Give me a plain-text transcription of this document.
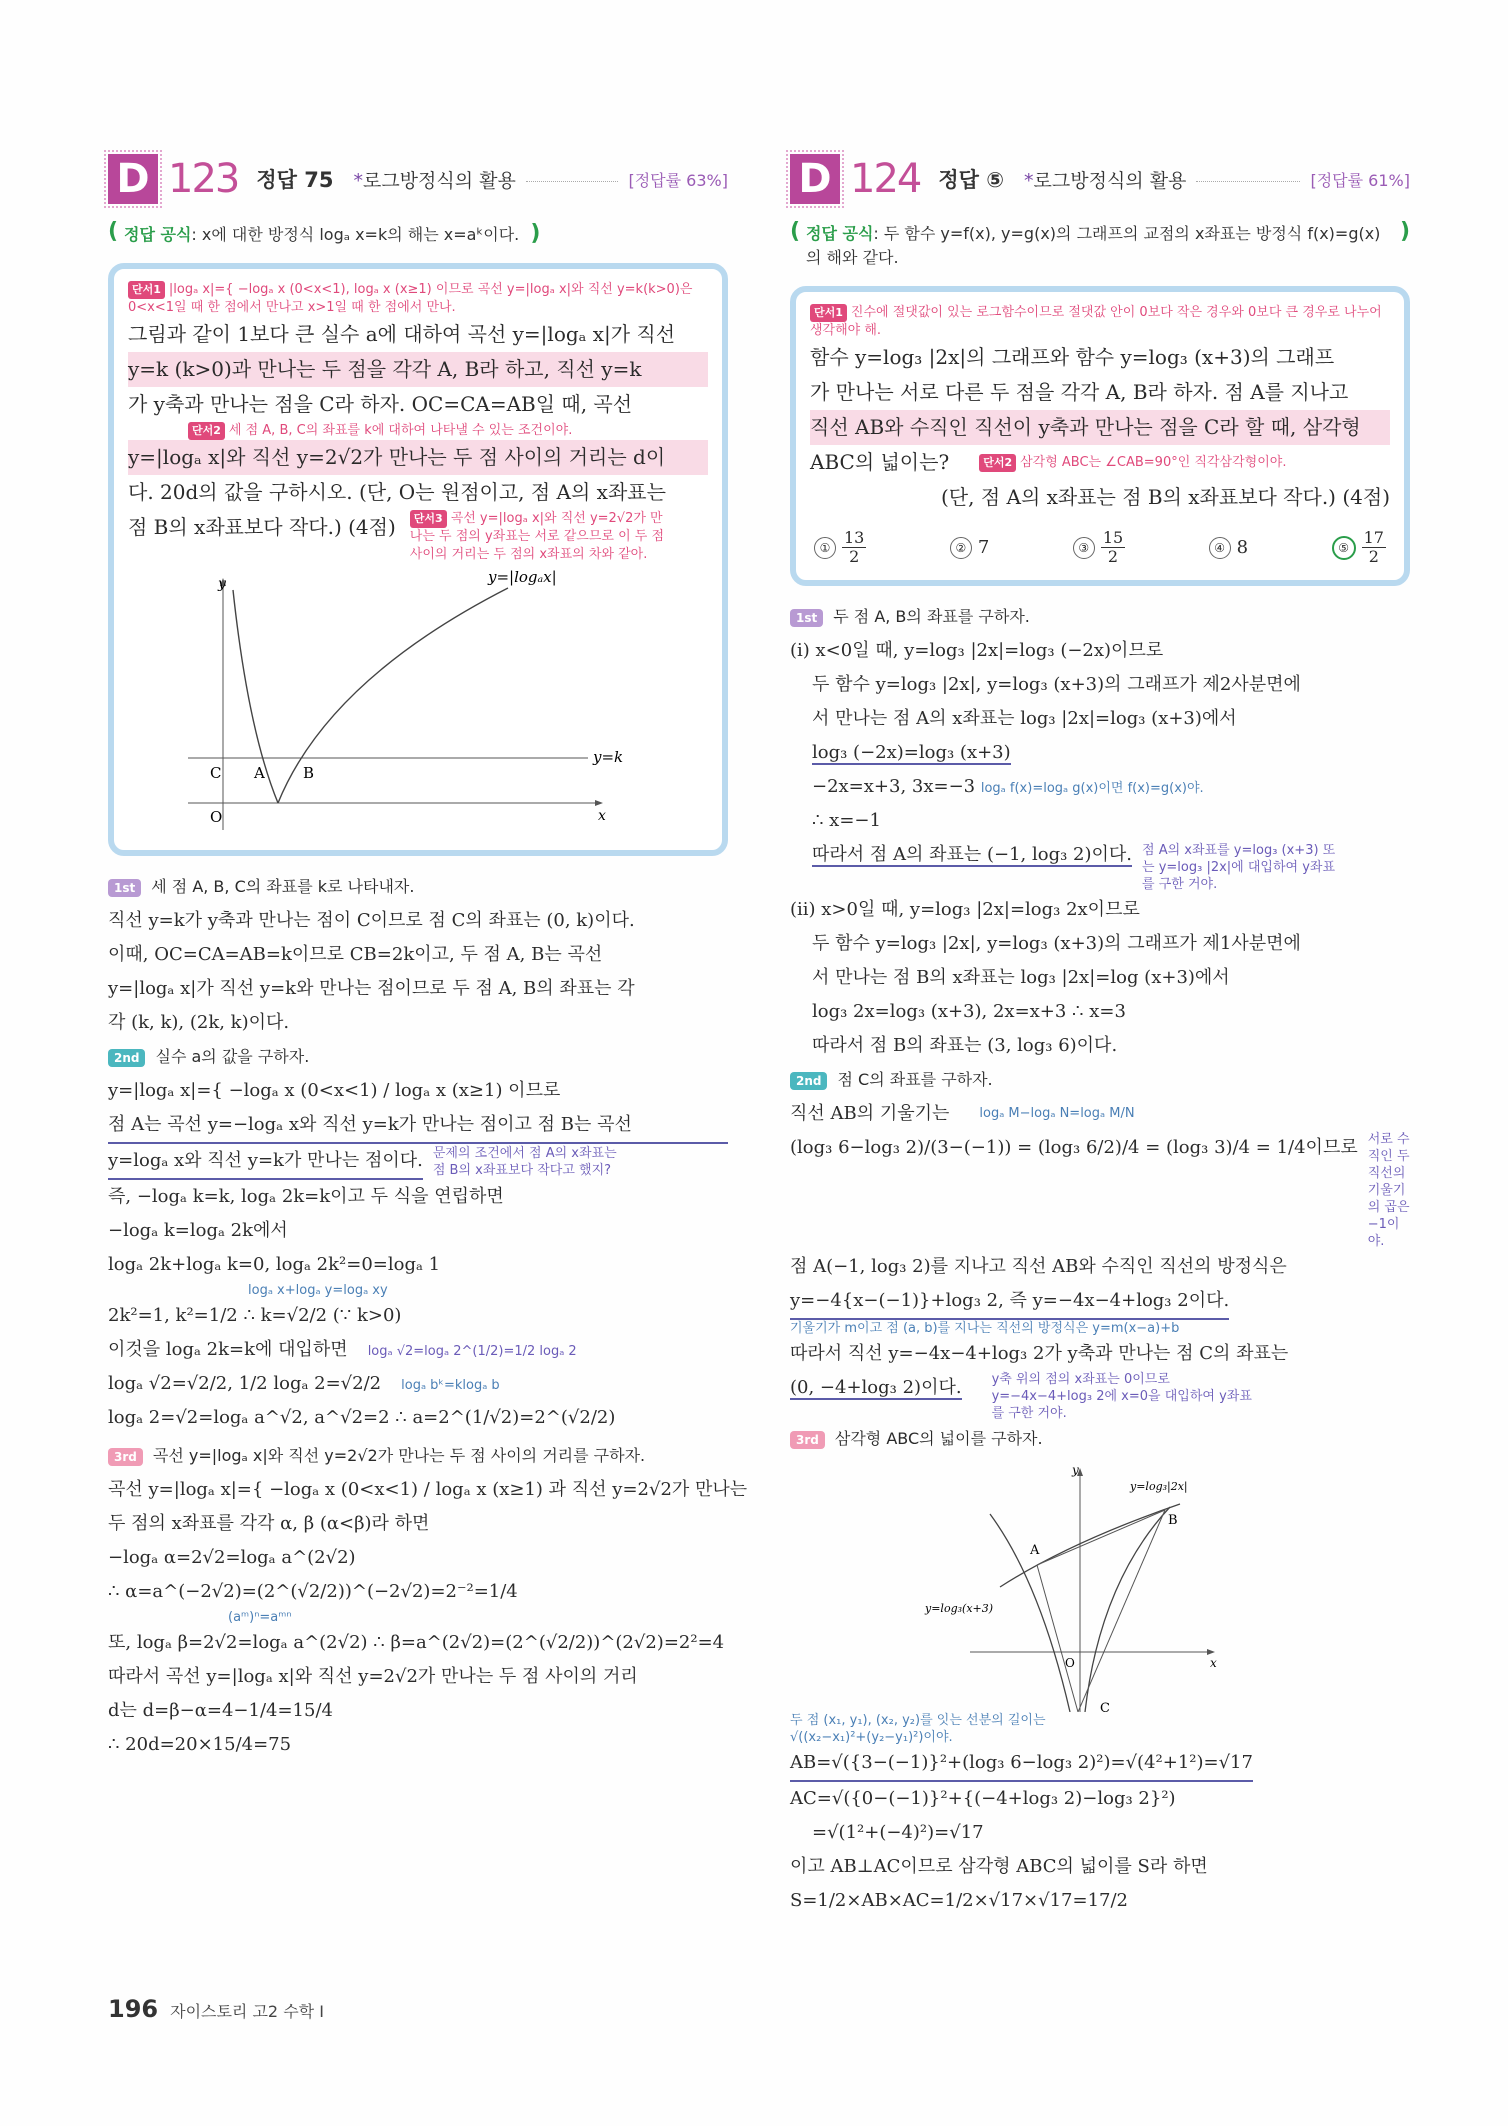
D 123 정답 75 *로그방정식의 활용	[정답률 63%]
( 정답 공식: x에 대한 방정식 logₐ x=k의 해는 x=aᵏ이다. )
단서1 |logₐ x|={ −logₐ x (0<x<1), logₐ x (x≥1) 이므로 곡선 y=|logₐ x|와 직선 y=k(k>0)은 0<x<1일 때 한 점에서 만나고 x>1일 때 한 점에서 만나.
그림과 같이 1보다 큰 실수 a에 대하여 곡선 y=|logₐ x|가 직선
y=k (k>0)과 만나는 두 점을 각각 A, B라 하고, 직선 y=k
가 y축과 만나는 점을 C라 하자. OC=CA=AB일 때, 곡선
단서2 세 점 A, B, C의 좌표를 k에 대하여 나타낼 수 있는 조건이야.
y=|logₐ x|와 직선 y=2√2가 만나는 두 점 사이의 거리는 d이
다. 20d의 값을 구하시오. (단, O는 원점이고, 점 A의 x좌표는
점 B의 x좌표보다 작다.) (4점)	단서3 곡선 y=|logₐ x|와 직선 y=2√2가 만나는 두 점의 y좌표는 서로 같으므로 이 두 점 사이의 거리는 두 점의 x좌표의 차와 같아.
y
x
O
C A	B
y=k
y=|logₐx|
1st 세 점 A, B, C의 좌표를 k로 나타내자.
직선 y=k가 y축과 만나는 점이 C이므로 점 C의 좌표는 (0, k)이다.
이때, OC=CA=AB=k이므로 CB=2k이고, 두 점 A, B는 곡선
y=|logₐ x|가 직선 y=k와 만나는 점이므로 두 점 A, B의 좌표는 각
각 (k, k), (2k, k)이다.
2nd 실수 a의 값을 구하자.
y=|logₐ x|={ −logₐ x (0<x<1) / logₐ x (x≥1) 이므로
점 A는 곡선 y=−logₐ x와 직선 y=k가 만나는 점이고 점 B는 곡선
y=logₐ x와 직선 y=k가 만나는 점이다. 문제의 조건에서 점 A의 x좌표는 점 B의 x좌표보다 작다고 했지?
즉, −logₐ k=k, logₐ 2k=k이고 두 식을 연립하면
−logₐ k=logₐ 2k에서
logₐ 2k+logₐ k=0, logₐ 2k²=0=logₐ 1
logₐ x+logₐ y=logₐ xy
2k²=1, k²=1/2 ∴ k=√2/2 (∵ k>0)
이것을 logₐ 2k=k에 대입하면 logₐ √2=logₐ 2^(1/2)=1/2 logₐ 2
logₐ √2=√2/2, 1/2 logₐ 2=√2/2 logₐ bᵏ=klogₐ b
logₐ 2=√2=logₐ a^√2, a^√2=2 ∴ a=2^(1/√2)=2^(√2/2)
3rd 곡선 y=|logₐ x|와 직선 y=2√2가 만나는 두 점 사이의 거리를 구하자.
곡선 y=|logₐ x|={ −logₐ x (0<x<1) / logₐ x (x≥1) 과 직선 y=2√2가 만나는
두 점의 x좌표를 각각 α, β (α<β)라 하면
−logₐ α=2√2=logₐ a^(2√2)
∴ α=a^(−2√2)=(2^(√2/2))^(−2√2)=2⁻²=1/4
(aᵐ)ⁿ=aᵐⁿ
또, logₐ β=2√2=logₐ a^(2√2) ∴ β=a^(2√2)=(2^(√2/2))^(2√2)=2²=4
따라서 곡선 y=|logₐ x|와 직선 y=2√2가 만나는 두 점 사이의 거리
d는 d=β−α=4−1/4=15/4
∴ 20d=20×15/4=75
D 124 정답 ⑤ *로그방정식의 활용	[정답률 61%]
( 정답 공식: 두 함수 y=f(x), y=g(x)의 그래프의 교점의 x좌표는 방정식 f(x)=g(x)의 해와 같다.
)
단서1 진수에 절댓값이 있는 로그함수이므로 절댓값 안이 0보다 작은 경우와 0보다 큰 경우로 나누어 생각해야 해.
함수 y=log₃ |2x|의 그래프와 함수 y=log₃ (x+3)의 그래프
가 만나는 서로 다른 두 점을 각각 A, B라 하자. 점 A를 지나고
직선 AB와 수직인 직선이 y축과 만나는 점을 C라 할 때, 삼각형
ABC의 넓이는?	단서2 삼각형 ABC는 ∠CAB=90°인 직각삼각형이야.
(단, 점 A의 x좌표는 점 B의 x좌표보다 작다.) (4점)
① $\frac{13}{2}$	② 7	③ $\frac{15}{2}$	④ 8	⑤ $\frac{17}{2}$
1st 두 점 A, B의 좌표를 구하자.
(i) x<0일 때, y=log₃ |2x|=log₃ (−2x)이므로
두 함수 y=log₃ |2x|, y=log₃ (x+3)의 그래프가 제2사분면에
서 만나는 점 A의 x좌표는 log₃ |2x|=log₃ (x+3)에서
log₃ (−2x)=log₃ (x+3)
−2x=x+3, 3x=−3 logₐ f(x)=logₐ g(x)이면 f(x)=g(x)야.
∴ x=−1
따라서 점 A의 좌표는 (−1, log₃ 2)이다. 점 A의 x좌표를 y=log₃ (x+3) 또는 y=log₃ |2x|에 대입하여 y좌표를 구한 거야.
(ii) x>0일 때, y=log₃ |2x|=log₃ 2x이므로
두 함수 y=log₃ |2x|, y=log₃ (x+3)의 그래프가 제1사분면에
서 만나는 점 B의 x좌표는 log₃ |2x|=log (x+3)에서
log₃ 2x=log₃ (x+3), 2x=x+3 ∴ x=3
따라서 점 B의 좌표는 (3, log₃ 6)이다.
2nd 점 C의 좌표를 구하자.
직선 AB의 기울기는 logₐ M−logₐ N=logₐ M/N
(log₃ 6−log₃ 2)/(3−(−1)) = (log₃ 6/2)/4 = (log₃ 3)/4 = 1/4이므로 서로 수직인 두 직선의 기울기의 곱은 −1이야.
점 A(−1, log₃ 2)를 지나고 직선 AB와 수직인 직선의 방정식은
y=−4{x−(−1)}+log₃ 2, 즉 y=−4x−4+log₃ 2이다.
기울기가 m이고 점 (a, b)를 지나는 직선의 방정식은 y=m(x−a)+b
따라서 직선 y=−4x−4+log₃ 2가 y축과 만나는 점 C의 좌표는
(0, −4+log₃ 2)이다. y축 위의 점의 x좌표는 0이므로 y=−4x−4+log₃ 2에 x=0을 대입하여 y좌표를 구한 거야.
3rd 삼각형 ABC의 넓이를 구하자.
y
x
O
A
B
C
y=log₃|2x|
y=log₃(x+3)
두 점 (x₁, y₁), (x₂, y₂)를 잇는 선분의 길이는 √((x₂−x₁)²+(y₂−y₁)²)이야.
AB=√({3−(−1)}²+(log₃ 6−log₃ 2)²)=√(4²+1²)=√17
AC=√({0−(−1)}²+{(−4+log₃ 2)−log₃ 2}²)
=√(1²+(−4)²)=√17
이고 AB⊥AC이므로 삼각형 ABC의 넓이를 S라 하면
S=1/2×AB×AC=1/2×√17×√17=17/2
196 자이스토리 고2 수학 I
